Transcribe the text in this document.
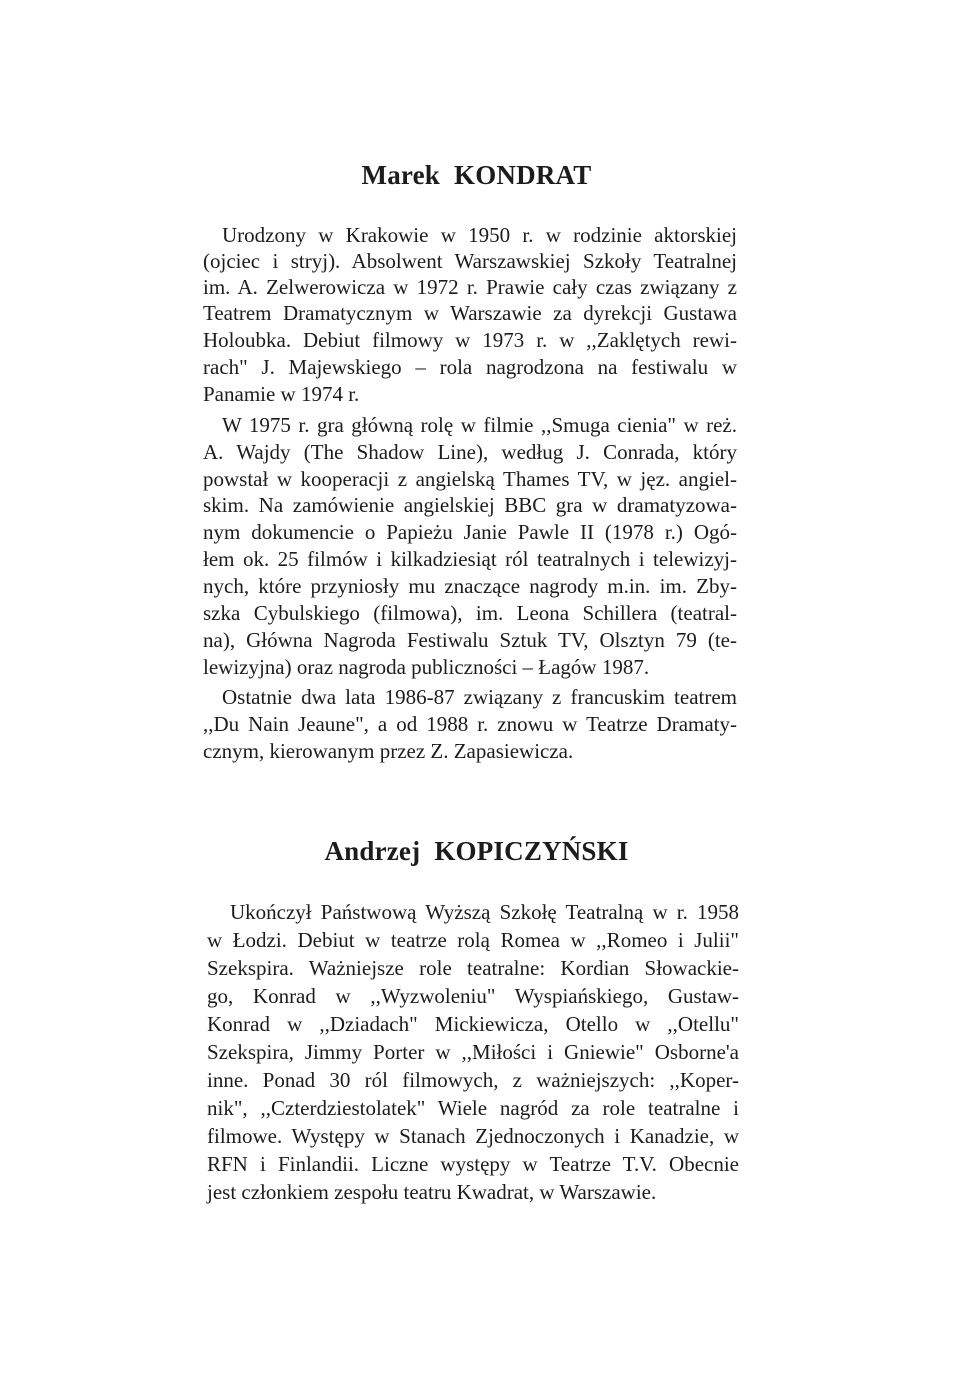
Marek KONDRAT
Urodzony w Krakowie w 1950 r. w rodzinie aktorskiej
(ojciec i stryj). Absolwent Warszawskiej Szkoły Teatralnej
im. A. Zelwerowicza w 1972 r. Prawie cały czas związany z
Teatrem Dramatycznym w Warszawie za dyrekcji Gustawa
Holoubka. Debiut filmowy w 1973 r. w ,,Zaklętych rewi-
rach" J. Majewskiego – rola nagrodzona na festiwalu w
Panamie w 1974 r.
W 1975 r. gra główną rolę w filmie ,,Smuga cienia" w reż.
A. Wajdy (The Shadow Line), według J. Conrada, który
powstał w kooperacji z angielską Thames TV, w jęz. angiel-
skim. Na zamówienie angielskiej BBC gra w dramatyzowa-
nym dokumencie o Papieżu Janie Pawle II (1978 r.) Ogó-
łem ok. 25 filmów i kilkadziesiąt ról teatralnych i telewizyj-
nych, które przyniosły mu znaczące nagrody m.in. im. Zby-
szka Cybulskiego (filmowa), im. Leona Schillera (teatral-
na), Główna Nagroda Festiwalu Sztuk TV, Olsztyn 79 (te-
lewizyjna) oraz nagroda publiczności – Łagów 1987.
Ostatnie dwa lata 1986-87 związany z francuskim teatrem
,,Du Nain Jeaune", a od 1988 r. znowu w Teatrze Dramaty-
cznym, kierowanym przez Z. Zapasiewicza.
Andrzej KOPICZYŃSKI
Ukończył Państwową Wyższą Szkołę Teatralną w r. 1958
w Łodzi. Debiut w teatrze rolą Romea w ,,Romeo i Julii"
Szekspira. Ważniejsze role teatralne: Kordian Słowackie-
go, Konrad w ,,Wyzwoleniu" Wyspiańskiego, Gustaw-
Konrad w ,,Dziadach" Mickiewicza, Otello w ,,Otellu"
Szekspira, Jimmy Porter w ,,Miłości i Gniewie" Osborne'a
inne. Ponad 30 ról filmowych, z ważniejszych: ,,Koper-
nik", ,,Czterdziestolatek" Wiele nagród za role teatralne i
filmowe. Występy w Stanach Zjednoczonych i Kanadzie, w
RFN i Finlandii. Liczne występy w Teatrze T.V. Obecnie
jest członkiem zespołu teatru Kwadrat, w Warszawie.
